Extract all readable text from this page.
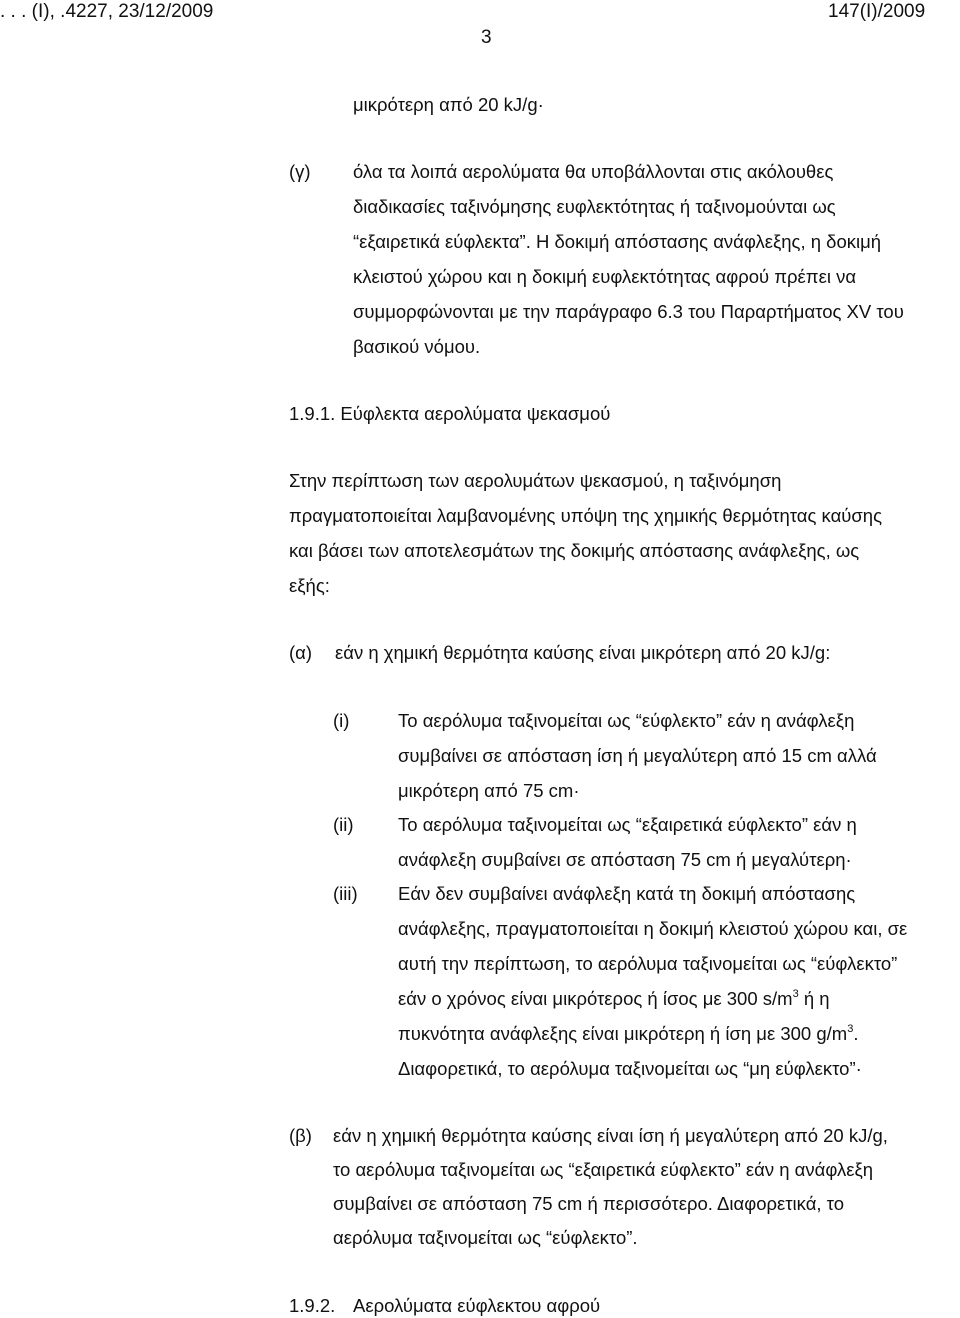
. . . (Ι), .4227, 23/12/2009	147(Ι)/2009
3
μικρότερη από 20 kJ/g·
(γ) όλα τα λοιπά αερολύματα θα υποβάλλονται στις ακόλουθες
διαδικασίες ταξινόμησης ευφλεκτότητας ή ταξινομούνται ως
“εξαιρετικά εύφλεκτα”. Η δοκιμή απόστασης ανάφλεξης, η δοκιμή
κλειστού χώρου και η δοκιμή ευφλεκτότητας αφρού πρέπει να
συμμορφώνονται με την παράγραφο 6.3 του Παραρτήματος XV του
βασικού νόμου.
1.9.1. Εύφλεκτα αερολύματα ψεκασμού
Στην περίπτωση των αερολυμάτων ψεκασμού, η ταξινόμηση
πραγματοποιείται λαμβανομένης υπόψη της χημικής θερμότητας καύσης
και βάσει των αποτελεσμάτων της δοκιμής απόστασης ανάφλεξης, ως
εξής:
(α) εάν η χημική θερμότητα καύσης είναι μικρότερη από 20 kJ/g:
(i)	Το αερόλυμα ταξινομείται ως “εύφλεκτο” εάν η ανάφλεξη
συμβαίνει σε απόσταση ίση ή μεγαλύτερη από 15 cm αλλά
μικρότερη από 75 cm·
(ii) Το αερόλυμα ταξινομείται ως “εξαιρετικά εύφλεκτο” εάν η
ανάφλεξη συμβαίνει σε απόσταση 75 cm ή μεγαλύτερη·
(iii) Εάν δεν συμβαίνει ανάφλεξη κατά τη δοκιμή απόστασης
ανάφλεξης, πραγματοποιείται η δοκιμή κλειστού χώρου και, σε
αυτή την περίπτωση, το αερόλυμα ταξινομείται ως “εύφλεκτο”
εάν ο χρόνος είναι μικρότερος ή ίσος με 300 $s/m^3$ ή η
πυκνότητα ανάφλεξης είναι μικρότερη ή ίση με 300 $g/m^3$.
Διαφορετικά, το αερόλυμα ταξινομείται ως “μη εύφλεκτο”·
(β) εάν η χημική θερμότητα καύσης είναι ίση ή μεγαλύτερη από 20 kJ/g,
το αερόλυμα ταξινομείται ως “εξαιρετικά εύφλεκτο” εάν η ανάφλεξη
συμβαίνει σε απόσταση 75 cm ή περισσότερο. Διαφορετικά, το
αερόλυμα ταξινομείται ως “εύφλεκτο”.
1.9.2. Αερολύματα εύφλεκτου αφρού
